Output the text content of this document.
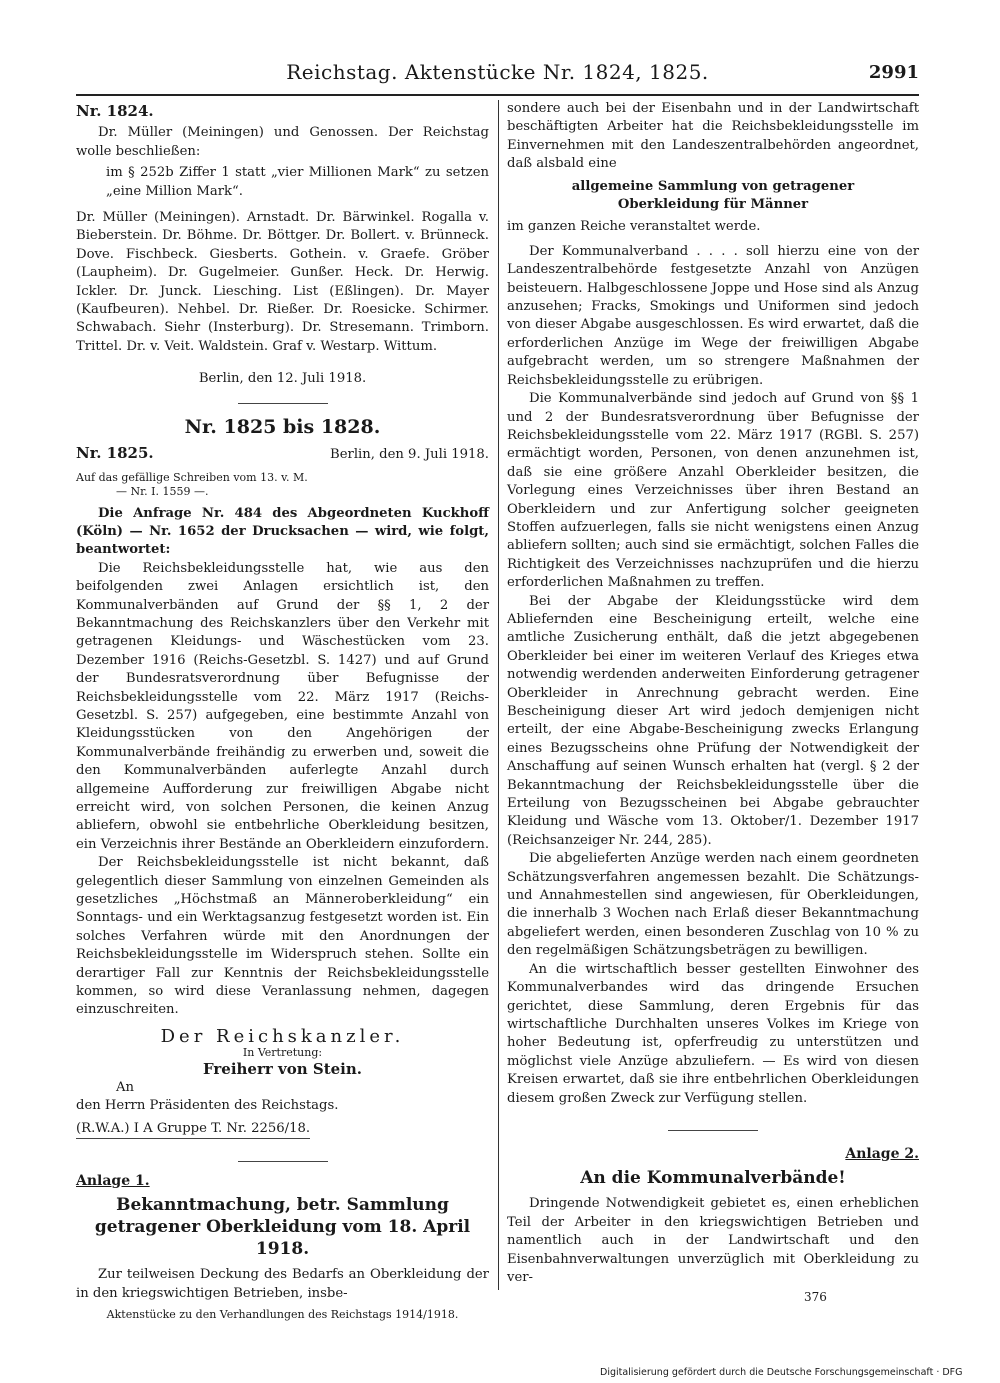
Reichstag. Aktenstücke Nr. 1824, 1825.	2991

Nr. 1824.

Dr. Müller (Meiningen) und Genossen. Der Reichstag wolle beschließen:

im § 252b Ziffer 1 statt „vier Millionen Mark“ zu setzen „eine Million Mark“.

Dr. Müller (Meiningen). Arnstadt. Dr. Bärwinkel. Rogalla v. Bieberstein. Dr. Böhme. Dr. Böttger. Dr. Bollert. v. Brünneck. Dove. Fischbeck. Giesberts. Gothein. v. Graefe. Gröber (Laupheim). Dr. Gugelmeier. Gunßer. Heck. Dr. Herwig. Ickler. Dr. Junck. Liesching. List (Eßlingen). Dr. Mayer (Kaufbeuren). Nehbel. Dr. Rießer. Dr. Roesicke. Schirmer. Schwabach. Siehr (Insterburg). Dr. Stresemann. Trimborn. Trittel. Dr. v. Veit. Waldstein. Graf v. Westarp. Wittum.

Berlin, den 12. Juli 1918.

Nr. 1825 bis 1828.

Nr. 1825.	Berlin, den 9. Juli 1918.

Auf das gefällige Schreiben vom 13. v. M.

— Nr. I. 1559 —.

Die Anfrage Nr. 484 des Abgeordneten Kuckhoff (Köln) — Nr. 1652 der Drucksachen — wird, wie folgt, beantwortet:

Die Reichsbekleidungsstelle hat, wie aus den beifolgenden zwei Anlagen ersichtlich ist, den Kommunalverbänden auf Grund der §§ 1, 2 der Bekanntmachung des Reichskanzlers über den Verkehr mit getragenen Kleidungs- und Wäschestücken vom 23. Dezember 1916 (Reichs-Gesetzbl. S. 1427) und auf Grund der Bundesratsverordnung über Befugnisse der Reichsbekleidungsstelle vom 22. März 1917 (Reichs-Gesetzbl. S. 257) aufgegeben, eine bestimmte Anzahl von Kleidungsstücken von den Angehörigen der Kommunalverbände freihändig zu erwerben und, soweit die den Kommunalverbänden auferlegte Anzahl durch allgemeine Aufforderung zur freiwilligen Abgabe nicht erreicht wird, von solchen Personen, die keinen Anzug abliefern, obwohl sie entbehrliche Oberkleidung besitzen, ein Verzeichnis ihrer Bestände an Oberkleidern einzufordern.

Der Reichsbekleidungsstelle ist nicht bekannt, daß gelegentlich dieser Sammlung von einzelnen Gemeinden als gesetzliches „Höchstmaß an Männeroberkleidung“ ein Sonntags- und ein Werktagsanzug festgesetzt worden ist. Ein solches Verfahren würde mit den Anordnungen der Reichsbekleidungsstelle im Widerspruch stehen. Sollte ein derartiger Fall zur Kenntnis der Reichsbekleidungsstelle kommen, so wird diese Veranlassung nehmen, dagegen einzuschreiten.

Der Reichskanzler.

In Vertretung:

Freiherr von Stein.

An

den Herrn Präsidenten des Reichstags.

(R.W.A.) I A Gruppe T. Nr. 2256/18.

Anlage 1.

Bekanntmachung, betr. Sammlung getragener Oberkleidung vom 18. April 1918.

Zur teilweisen Deckung des Bedarfs an Oberkleidung der in den kriegswichtigen Betrieben, insbe-

Aktenstücke zu den Verhandlungen des Reichstags 1914/1918.

sondere auch bei der Eisenbahn und in der Landwirtschaft beschäftigten Arbeiter hat die Reichsbekleidungsstelle im Einvernehmen mit den Landeszentralbehörden angeordnet, daß alsbald eine

allgemeine Sammlung von getragener Oberkleidung für Männer

im ganzen Reiche veranstaltet werde.

Der Kommunalverband . . . . soll hierzu eine von der Landeszentralbehörde festgesetzte Anzahl von Anzügen beisteuern. Halbgeschlossene Joppe und Hose sind als Anzug anzusehen; Fracks, Smokings und Uniformen sind jedoch von dieser Abgabe ausgeschlossen. Es wird erwartet, daß die erforderlichen Anzüge im Wege der freiwilligen Abgabe aufgebracht werden, um so strengere Maßnahmen der Reichsbekleidungsstelle zu erübrigen.

Die Kommunalverbände sind jedoch auf Grund von §§ 1 und 2 der Bundesratsverordnung über Befugnisse der Reichsbekleidungsstelle vom 22. März 1917 (RGBl. S. 257) ermächtigt worden, Personen, von denen anzunehmen ist, daß sie eine größere Anzahl Oberkleider besitzen, die Vorlegung eines Verzeichnisses über ihren Bestand an Oberkleidern und zur Anfertigung solcher geeigneten Stoffen aufzuerlegen, falls sie nicht wenigstens einen Anzug abliefern sollten; auch sind sie ermächtigt, solchen Falles die Richtigkeit des Verzeichnisses nachzuprüfen und die hierzu erforderlichen Maßnahmen zu treffen.

Bei der Abgabe der Kleidungsstücke wird dem Abliefernden eine Bescheinigung erteilt, welche eine amtliche Zusicherung enthält, daß die jetzt abgegebenen Oberkleider bei einer im weiteren Verlauf des Krieges etwa notwendig werdenden anderweiten Einforderung getragener Oberkleider in Anrechnung gebracht werden. Eine Bescheinigung dieser Art wird jedoch demjenigen nicht erteilt, der eine Abgabe-Bescheinigung zwecks Erlangung eines Bezugsscheins ohne Prüfung der Notwendigkeit der Anschaffung auf seinen Wunsch erhalten hat (vergl. § 2 der Bekanntmachung der Reichsbekleidungsstelle über die Erteilung von Bezugsscheinen bei Abgabe gebrauchter Kleidung und Wäsche vom 13. Oktober/1. Dezember 1917 (Reichsanzeiger Nr. 244, 285).

Die abgelieferten Anzüge werden nach einem geordneten Schätzungsverfahren angemessen bezahlt. Die Schätzungs- und Annahmestellen sind angewiesen, für Oberkleidungen, die innerhalb 3 Wochen nach Erlaß dieser Bekanntmachung abgeliefert werden, einen besonderen Zuschlag von 10 % zu den regelmäßigen Schätzungsbeträgen zu bewilligen.

An die wirtschaftlich besser gestellten Einwohner des Kommunalverbandes wird das dringende Ersuchen gerichtet, diese Sammlung, deren Ergebnis für das wirtschaftliche Durchhalten unseres Volkes im Kriege von hoher Bedeutung ist, opferfreudig zu unterstützen und möglichst viele Anzüge abzuliefern. — Es wird von diesen Kreisen erwartet, daß sie ihre entbehrlichen Oberkleidungen diesem großen Zweck zur Verfügung stellen.

Anlage 2.

An die Kommunalverbände!

Dringende Notwendigkeit gebietet es, einen erheblichen Teil der Arbeiter in den kriegswichtigen Betrieben und namentlich auch in der Landwirtschaft und den Eisenbahnverwaltungen unverzüglich mit Oberkleidung zu ver-

376
Digitalisierung gefördert durch die Deutsche Forschungsgemeinschaft · DFG
